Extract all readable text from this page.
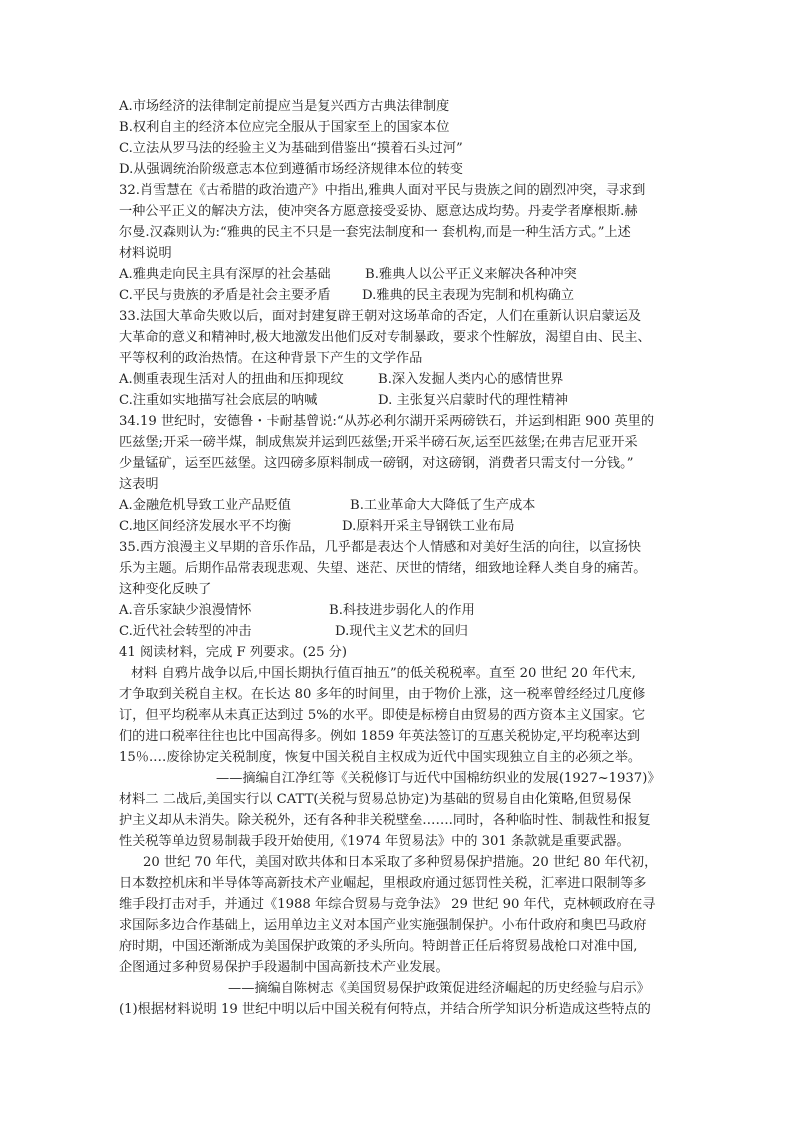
A.市场经济的法律制定前提应当是复兴西方古典法律制度
B.权利自主的经济本位应完全服从于国家至上的国家本位
C.立法从罗马法的经验主义为基础到借鉴出“摸着石头过河”
D.从强调统治阶级意志本位到遵循市场经济规律本位的转变
32.肖雪慧在《古希腊的政治遗产》中指出,雅典人面对平民与贵族之间的剧烈冲突，寻求到
一种公平正义的解决方法，使冲突各方愿意接受妥协、愿意达成均势。丹麦学者摩根斯.赫
尔曼.汉森则认为:“雅典的民主不只是一套宪法制度和一 套机构,而是一种生活方式。”上述
材料说明
A.雅典走向民主具有深厚的社会基础	B.雅典人以公平正义来解决各种冲突
C.平民与贵族的矛盾是社会主要矛盾 D.雅典的民主表现为宪制和机构确立
33.法国大革命失败以后，面对封建复辟王朝对这场革命的否定，人们在重新认识启蒙运及
大革命的意义和精神时,极大地激发出他们反对专制暴政，要求个性解放，渴望自由、民主、
平等权利的政治热情。在这种背景下产生的文学作品
A.侧重表现生活对人的扭曲和压抑现纹	B.深入发掘人类内心的感情世界
C.注重如实地描写社会底层的呐喊	D. 主张复兴启蒙时代的理性精神
34.19 世纪时，安德鲁・卡耐基曾说:“从苏必利尔湖开采两磅铁石，并运到相距 900 英里的
匹兹堡;开采一磅半煤，制成焦炭并运到匹兹堡;开采半磅石灰,运至匹兹堡;在弗吉尼亚开采
少量锰矿，运至匹兹堡。这四磅多原料制成一磅钢，对这磅钢，消费者只需支付一分钱。”
这表明
A.金融危机导致工业产品贬值	B.工业革命大大降低了生产成本
C.地区间经济发展水平不均衡	D.原料开采主导钢铁工业布局
35.西方浪漫主义早期的音乐作品，几乎都是表达个人情感和对美好生活的向往，以宣扬快
乐为主题。后期作品常表现悲观、失望、迷茫、厌世的情绪，细致地诠释人类自身的痛苦。
这种变化反映了
A.音乐家缺少浪漫情怀	B.科技进步弱化人的作用
C.近代社会转型的冲击	D.现代主义艺术的回归
41 阅读材料，完成 F 列要求。(25 分)
材料 自鸦片战争以后,中国长期执行值百抽五”的低关税税率。直至 20 世纪 20 年代末,
才争取到关税自主权。在长达 80 多年的时间里，由于物价上涨，这一税率曾经经过几度修
订，但平均税率从未真正达到过 5%的水平。即使是标榜自由贸易的西方资本主义国家。它
们的进口税率往往也比中国高得多。例如 1859 年英法签订的互惠关税协定,平均税率达到
15％.…废徐协定关税制度，恢复中国关税自主权成为近代中国实现独立自主的必须之举。
——摘编自江净红等《关税修订与近代中国棉纺织业的发展(1927~1937)》
材料二 二战后,美国实行以 CATT(关税与贸易总协定)为基础的贸易自由化策略,但贸易保
护主义却从未消失。除关税外，还有各种非关税壁垒…….同时，各种临时性、制裁性和报复
性关税等单边贸易制裁手段开始使用,《1974 年贸易法》中的 301 条款就是重要武器。
20 世纪 70 年代，美国对欧共体和日本采取了多种贸易保护措施。20 世纪 80 年代初，
日本数控机床和半导体等高新技术产业崛起，里根政府通过惩罚性关税，汇率进口限制等多
维手段打击对手，并通过《1988 年综合贸易与竞争法》 29 世纪 90 年代，克林顿政府在寻
求国际多边合作基础上，运用单边主义对本国产业实施强制保护。小布什政府和奥巴马政府
府时期，中国还渐渐成为美国保护政策的矛头所向。特朗普正任后将贸易战枪口对准中国,
企图通过多种贸易保护手段遏制中国高新技术产业发展。
——摘编自陈树志《美国贸易保护政策促进经济崛起的历史经验与启示》
(1)根据材料说明 19 世纪中明以后中国关税有何特点，并结合所学知识分析造成这些特点的
